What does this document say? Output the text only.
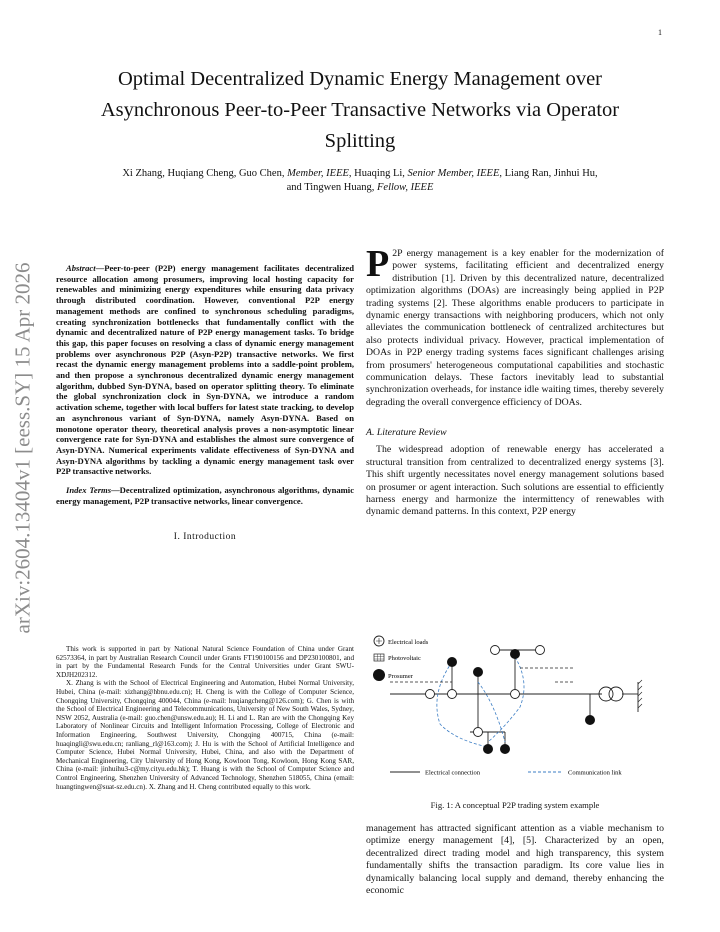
1
arXiv:2604.13404v1 [eess.SY] 15 Apr 2026
Optimal Decentralized Dynamic Energy Management over Asynchronous Peer-to-Peer Transactive Networks via Operator Splitting
Xi Zhang, Huqiang Cheng, Guo Chen, Member, IEEE, Huaqing Li, Senior Member, IEEE, Liang Ran, Jinhui Hu,
and Tingwen Huang, Fellow, IEEE

Abstract—Peer-to-peer (P2P) energy management facilitates decentralized resource allocation among prosumers, improving local hosting capacity for renewables and minimizing energy expenditures while ensuring data privacy through distributed coordination. However, conventional P2P energy management methods are confined to synchronous scheduling paradigms, creating synchronization bottlenecks that fundamentally conflict with the dynamic and decentralized nature of P2P energy management tasks. To bridge this gap, this paper focuses on resolving a class of dynamic energy management problems over asynchronous P2P (Asyn-P2P) transactive networks. We first recast the dynamic energy management problems into a saddle-point problem, and then propose a synchronous decentralized dynamic energy management algorithm, dubbed Syn-DYNA, based on operator splitting theory. To eliminate the global synchronization clock in Syn-DYNA, we introduce a random activation scheme, together with local buffers for latest state tracking, to develop an asynchronous variant of Syn-DYNA, namely Asyn-DYNA. Based on monotone operator theory, theoretical analysis proves a non-asymptotic linear convergence rate for Syn-DYNA and establishes the almost sure convergence of Asyn-DYNA. Numerical experiments validate effectiveness of Syn-DYNA and Asyn-DYNA algorithms by tackling a dynamic energy management task over P2P transactive networks.

Index Terms—Decentralized optimization, asynchronous algorithms, dynamic energy management, P2P transactive networks, linear convergence.

I. Introduction

This work is supported in part by National Natural Science Foundation of China under Grant 62573364, in part by Australian Research Council under Grants FT190100156 and DP230100801, and in part by the Fundamental Research Funds for the Central Universities under Grant SWU-XDJH202312.

X. Zhang is with the School of Electrical Engineering and Automation, Hubei Normal University, Hubei, China (e-mail: xizhang@hbnu.edu.cn); H. Cheng is with the College of Computer Science, Chongqing University, Chongqing 400044, China (e-mail: huqiangcheng@126.com); G. Chen is with the School of Electrical Engineering and Telecommunications, University of New South Wales, Sydney, NSW 2052, Australia (e-mail: guo.chen@unsw.edu.au); H. Li and L. Ran are with the Chongqing Key Laboratory of Nonlinear Circuits and Intelligent Information Processing, College of Electronic and Information Engineering, Southwest University, Chongqing 400715, China (e-mail: huaqingli@swu.edu.cn; ranliang_rl@163.com); J. Hu is with the School of Artificial Intelligence and Computer Science, Hubei Normal University, Hubei, China, and also with the Department of Mechanical Engineering, City University of Hong Kong, Kowloon Tong, Kowloon, Hong Kong SAR, China (e-mail: jinhuihu3-c@my.cityu.edu.hk); T. Huang is with the School of Computer Science and Control Engineering, Shenzhen University of Advanced Technology, Shenzhen 518055, China (email: huangtingwen@suat-sz.edu.cn). X. Zhang and H. Cheng contributed equally to this work.

P 2P energy management is a key enabler for the modernization of power systems, facilitating efficient and decentralized energy distribution [1]. Driven by this decentralized nature, decentralized optimization algorithms (DOAs) are increasingly being applied in P2P trading systems [2]. These algorithms enable producers to participate in dynamic energy transactions with neighboring producers, which not only alleviates the communication bottleneck of centralized architectures but also protects individual privacy. However, practical implementation of DOAs in P2P energy trading systems faces significant challenges arising from prosumers' heterogeneous computational capabilities and stochastic communication delays. These factors inevitably lead to substantial synchronization overheads, for instance idle waiting times, thereby severely degrading the overall convergence efficiency of DOAs.

A. Literature Review

The widespread adoption of renewable energy has accelerated a structural transition from centralized to decentralized energy systems [3]. This shift urgently necessitates novel energy management solutions based on prosumer or agent interaction. Such solutions are essential to efficiently harness energy and harmonize the intermittency of renewables with dynamic demand patterns. In this context, P2P energy

Electrical loads
Photovoltaic
Prosumer
Electrical connection	Communication link
Fig. 1: A conceptual P2P trading system example

management has attracted significant attention as a viable mechanism to optimize energy management [4], [5]. Characterized by an open, decentralized direct trading model and high transparency, this system fundamentally shifts the transaction paradigm. Its core value lies in dynamically balancing local supply and demand, thereby enhancing the economic
